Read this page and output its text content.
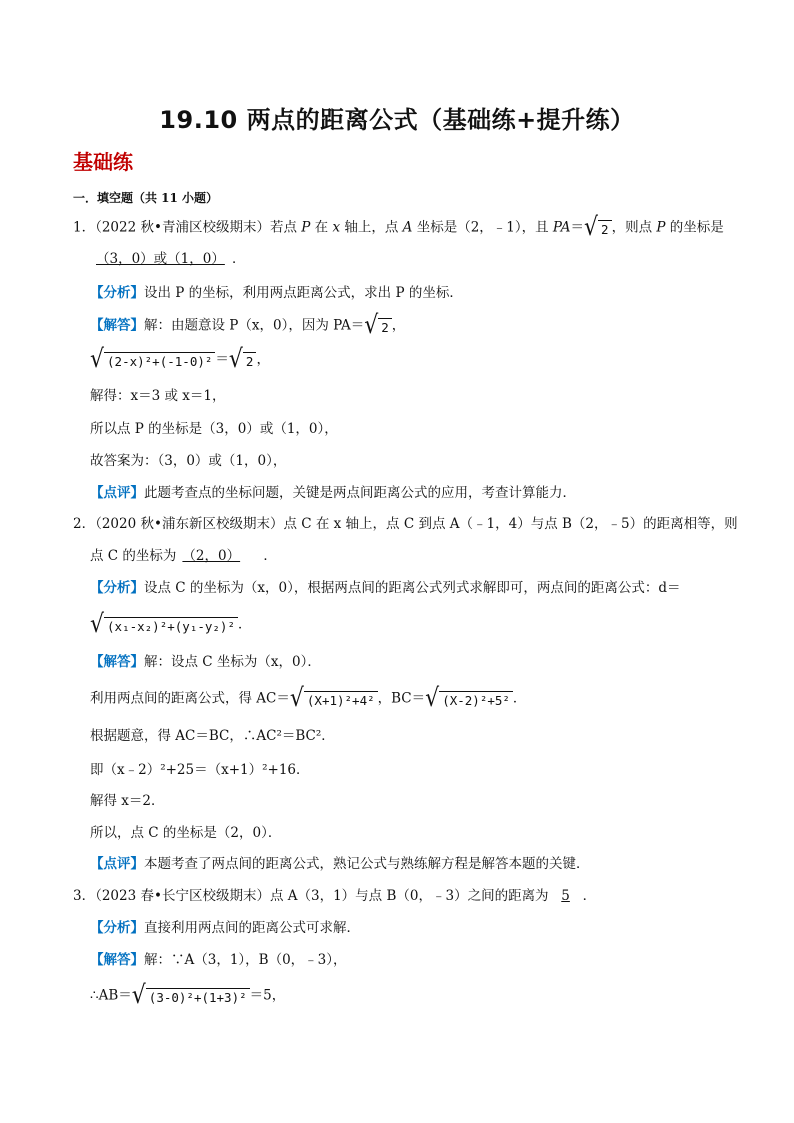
19.10 两点的距离公式（基础练+提升练）
基础练
一．填空题（共 11 小题）
1．（2022 秋•青浦区校级期末）若点 P 在 x 轴上，点 A 坐标是（2，﹣1），且 PA＝ √ 2 ，则点 P 的坐标是
（3，0）或（1，0） ．
【分析】设出 P 的坐标，利用两点距离公式，求出 P 的坐标．
【解答】解：由题意设 P（x，0），因为 PA＝ √ 2 ，
√ (2-x)²+(-1-0)² ＝ √ 2 ，
解得：x＝3 或 x＝1，
所以点 P 的坐标是（3，0）或（1，0），
故答案为：（3，0）或（1，0），
【点评】此题考查点的坐标问题，关键是两点间距离公式的应用，考查计算能力．
2．（2020 秋•浦东新区校级期末）点 C 在 x 轴上，点 C 到点 A（﹣1，4）与点 B（2，﹣5）的距离相等，则
点 C 的坐标为 （2，0） ．
【分析】设点 C 的坐标为（x，0），根据两点间的距离公式列式求解即可，两点间的距离公式：d＝
√ (x₁-x₂)²+(y₁-y₂)² ．
【解答】解：设点 C 坐标为（x，0）．
利用两点间的距离公式，得 AC＝ √ (X+1)²+4² ，BC＝ √ (X-2)²+5² ．
根据题意，得 AC＝BC，∴AC²＝BC²．
即（x﹣2）²+25＝（x+1）²+16．
解得 x＝2．
所以，点 C 的坐标是（2，0）．
【点评】本题考查了两点间的距离公式，熟记公式与熟练解方程是解答本题的关键．
3．（2023 春•长宁区校级期末）点 A（3，1）与点 B（0，﹣3）之间的距离为 5 ．
【分析】直接利用两点间的距离公式可求解．
【解答】解：∵A（3，1），B（0，﹣3），
∴AB＝ √ (3-0)²+(1+3)² ＝5，
